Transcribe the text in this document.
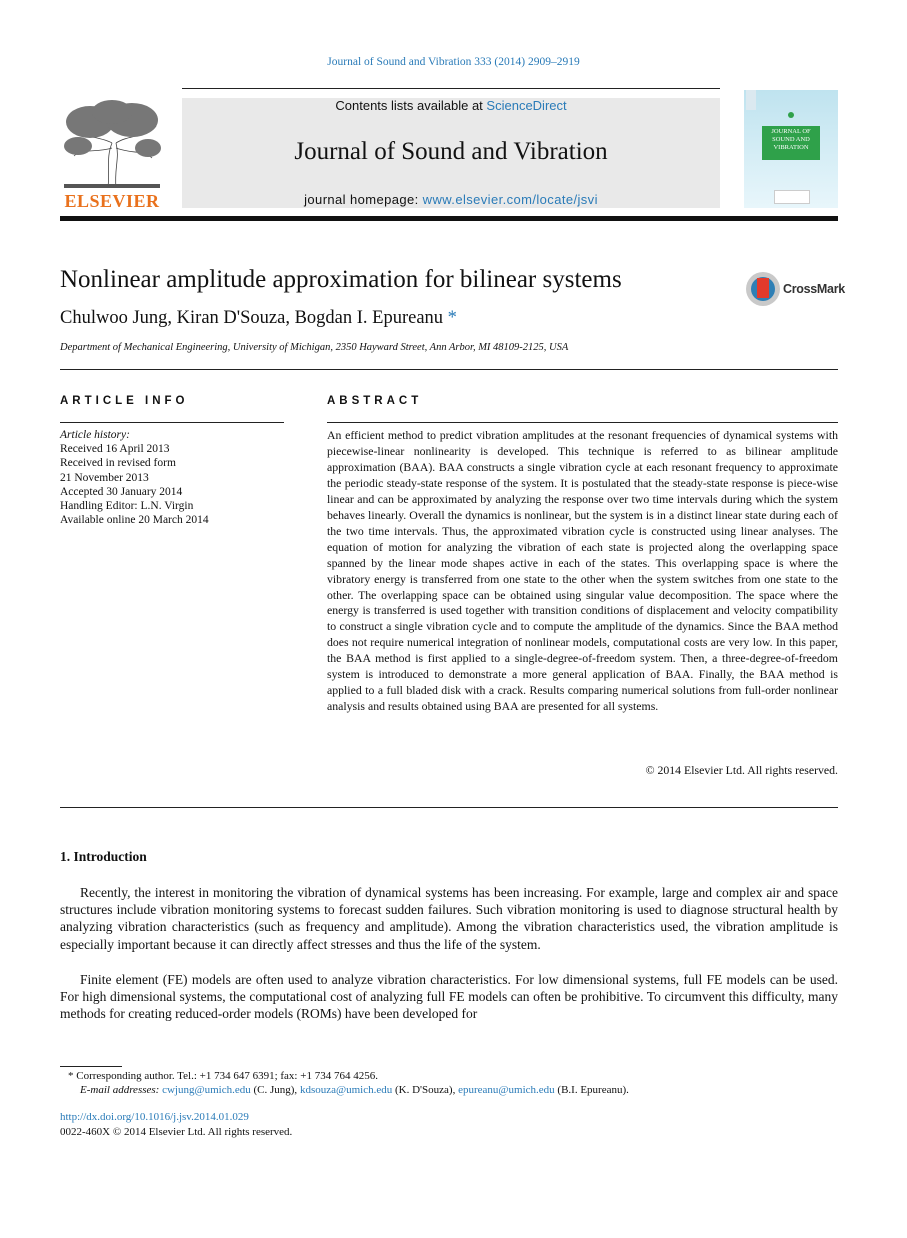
Journal of Sound and Vibration 333 (2014) 2909–2919
ELSEVIER
Contents lists available at ScienceDirect
Journal of Sound and Vibration
journal homepage: www.elsevier.com/locate/jsvi
JOURNAL OF SOUND AND VIBRATION
Nonlinear amplitude approximation for bilinear systems	CrossMark
Chulwoo Jung, Kiran D'Souza, Bogdan I. Epureanu *
Department of Mechanical Engineering, University of Michigan, 2350 Hayward Street, Ann Arbor, MI 48109-2125, USA
ARTICLE INFO	ABSTRACT
Article history:
Received 16 April 2013
Received in revised form
21 November 2013
Accepted 30 January 2014
Handling Editor: L.N. Virgin
Available online 20 March 2014
An efficient method to predict vibration amplitudes at the resonant frequencies of dynamical systems with piecewise-linear nonlinearity is developed. This technique is referred to as bilinear amplitude approximation (BAA). BAA constructs a single vibration cycle at each resonant frequency to approximate the periodic steady-state response of the system. It is postulated that the steady-state response is piece-wise linear and can be approximated by analyzing the response over two time intervals during which the system behaves linearly. Overall the dynamics is nonlinear, but the system is in a distinct linear state during each of the two time intervals. Thus, the approximated vibration cycle is constructed using linear analyses. The equation of motion for analyzing the vibration of each state is projected along the overlapping space spanned by the linear mode shapes active in each of the states. This overlapping space is where the vibratory energy is transferred from one state to the other when the system switches from one state to the other. The overlapping space can be obtained using singular value decomposition. The space where the energy is transferred is used together with transition conditions of displacement and velocity compatibility to construct a single vibration cycle and to compute the amplitude of the dynamics. Since the BAA method does not require numerical integration of nonlinear models, computational costs are very low. In this paper, the BAA method is first applied to a single-degree-of-freedom system. Then, a three-degree-of-freedom system is introduced to demonstrate a more general application of BAA. Finally, the BAA method is applied to a full bladed disk with a crack. Results comparing numerical solutions from full-order nonlinear analysis and results obtained using BAA are presented for all systems.
© 2014 Elsevier Ltd. All rights reserved.
1. Introduction
Recently, the interest in monitoring the vibration of dynamical systems has been increasing. For example, large and complex air and space structures include vibration monitoring systems to forecast sudden failures. Such vibration monitoring is used to diagnose structural health by analyzing vibration characteristics (such as frequency and amplitude). Among the vibration characteristics used, the vibration amplitude is especially important because it can directly affect stresses and thus the life of the system.
Finite element (FE) models are often used to analyze vibration characteristics. For low dimensional systems, full FE models can be used. For high dimensional systems, the computational cost of analyzing full FE models can often be prohibitive. To circumvent this difficulty, many methods for creating reduced-order models (ROMs) have been developed for
* Corresponding author. Tel.: +1 734 647 6391; fax: +1 734 764 4256.
E-mail addresses: cwjung@umich.edu (C. Jung), kdsouza@umich.edu (K. D'Souza), epureanu@umich.edu (B.I. Epureanu).
http://dx.doi.org/10.1016/j.jsv.2014.01.029
0022-460X © 2014 Elsevier Ltd. All rights reserved.
